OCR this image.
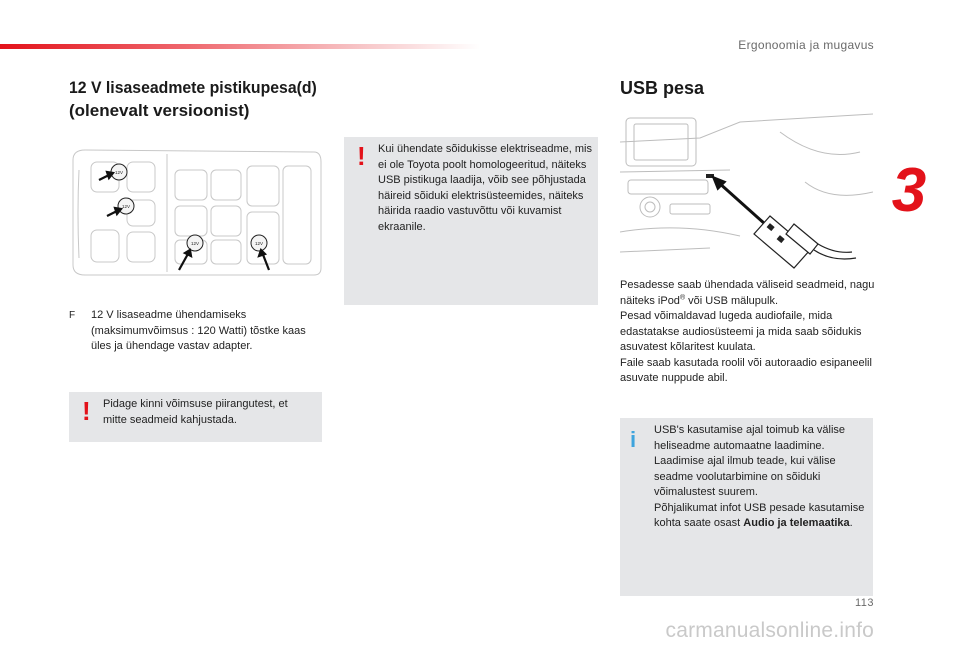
Ergonoomia ja mugavus
3
12 V lisaseadmete pistikupesa(d)
(olenevalt versioonist)
12V
12V
12V	12V
F	12 V lisaseadme ühendamiseks (maksimumvõimsus : 120 Watti) tõstke kaas üles ja ühendage vastav adapter.
! Pidage kinni võimsuse piirangutest, et mitte seadmeid kahjustada.
! Kui ühendate sõidukisse elektriseadme, mis ei ole Toyota poolt homologeeritud, näiteks USB pistikuga laadija, võib see põhjustada häireid sõiduki elektrisüsteemides, näiteks häirida raadio vastuvõttu või kuvamist ekraanile.
USB pesa
Pesadesse saab ühendada väliseid seadmeid, nagu näiteks iPod® või USB mälupulk.
Pesad võimaldavad lugeda audiofaile, mida edastatakse audiosüsteemi ja mida saab sõidukis asuvatest kõlaritest kuulata.
Faile saab kasutada roolil või autoraadio esipaneelil asuvate nuppude abil.
i USB's kasutamise ajal toimub ka välise heliseadme automaatne laadimine.
Laadimise ajal ilmub teade, kui välise seadme voolutarbimine on sõiduki võimalustest suurem.
Põhjalikumat infot USB pesade kasutamise kohta saate osast Audio ja telemaatika.
113
carmanualsonline.info
